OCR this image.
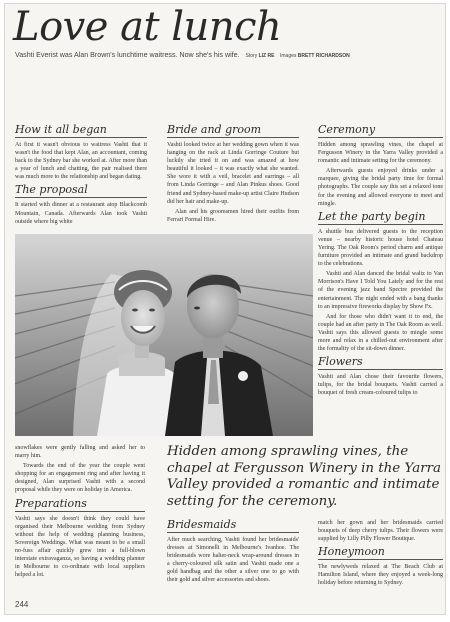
Love at lunch
Vashti Everist was Alan Brown's lunchtime waitress. Now she's his wife. Story LIZ RE Images BRETT RICHARDSON
How it all began

At first it wasn't obvious to waitress Vashti that it wasn't the food that kept Alan, an accountant, coming back to the Sydney bar she worked at. After more than a year of lunch and chatting, the pair realised there was much more to the relationship and began dating.

The proposal

It started with dinner at a restaurant atop Blackcomb Mountain, Canada. Afterwards Alan took Vashti outside where big white

Bride and groom

Vashti looked twice at her wedding gown when it was hanging on the rack at Linda Gorringe Couture but luckily she tried it on and was amazed at how beautiful it looked – it was exactly what she wanted. She wore it with a veil, bracelet and earrings – all from Linda Gorringe – and Alan Pinkus shoes. Good friend and Sydney-based make-up artist Claire Hudson did her hair and make-up.

Alan and his groomsmen hired their outfits from Ferrari Formal Hire.

Ceremony

Hidden among sprawling vines, the chapel at Fergusson Winery in the Yarra Valley provided a romantic and intimate setting for the ceremony.

Afterwards guests enjoyed drinks under a marquee, giving the bridal party time for formal photographs. The couple say this set a relaxed tone for the evening and allowed everyone to meet and mingle.

Let the party begin

A shuttle bus delivered guests to the reception venue – nearby historic house hotel Chateau Yering. The Oak Room's period charm and antique furniture provided an intimate and grand backdrop to the celebrations.

Vashti and Alan danced the bridal waltz to Van Morrison's Have I Told You Lately and for the rest of the evening jazz band Spectre provided the entertainment. The night ended with a bang thanks to an impressive fireworks display by Show Fx.

And for those who didn't want it to end, the couple had an after party in The Oak Room as well. Vashti says this allowed guests to mingle some more and relax in a chilled-out environment after the formality of the sit-down dinner.

Flowers

Vashti and Alan chose their favourite flowers, tulips, for the bridal bouquets. Vashti carried a bouquet of fresh cream-coloured tulips to

snowflakes were gently falling and asked her to marry him.

Towards the end of the year the couple went shopping for an engagement ring and after having it designed, Alan surprised Vashti with a second proposal while they were on holiday in America.

Preparations

Vashti says she doesn't think they could have organised their Melbourne wedding from Sydney without the help of wedding planning business, Sovereign Weddings. What was meant to be a small no-fuss affair quickly grew into a full-blown interstate extravaganza, so having a wedding planner in Melbourne to co-ordinate with local suppliers helped a lot.

Hidden among sprawling vines, the chapel at Fergusson Winery in the Yarra Valley provided a romantic and intimate setting for the ceremony.
Bridesmaids

After much searching, Vashti found her bridesmaids' dresses at Simonelli in Melbourne's Ivanhoe. The bridesmaids wore halter-neck wrap-around dresses in a cherry-coloured silk satin and Vashti made one a gold handbag and the other a silver one to go with their gold and silver accessories and shoes.

match her gown and her bridesmaids carried bouquets of deep cherry tulips. Their flowers were supplied by Lilly Pilly Flower Boutique.

Honeymoon

The newlyweds relaxed at The Beach Club at Hamilton Island, where they enjoyed a week-long holiday before returning to Sydney.

244
